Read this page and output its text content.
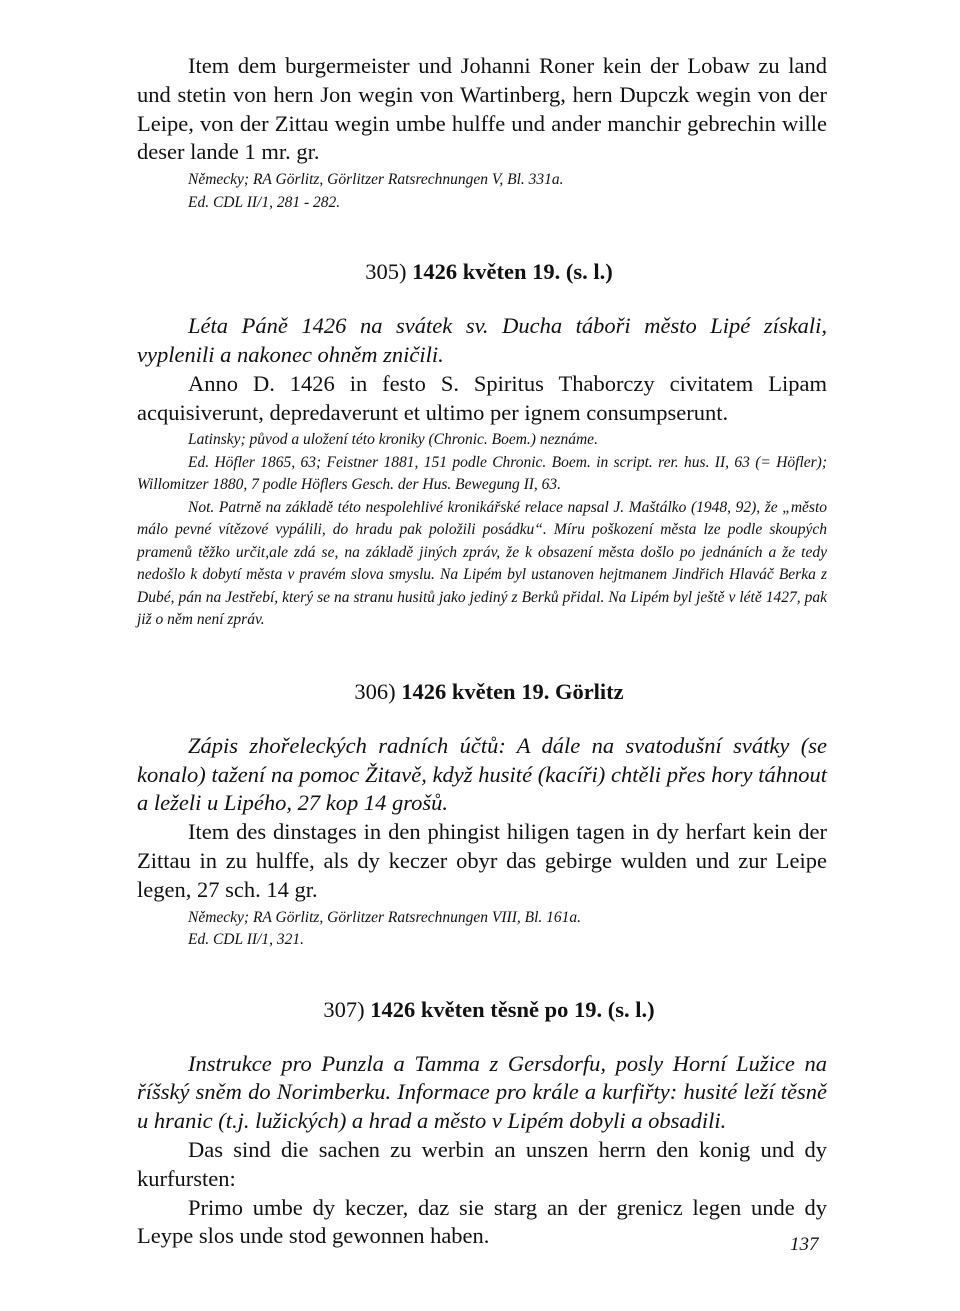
Item dem burgermeister und Johanni Roner kein der Lobaw zu land und stetin von hern Jon wegin von Wartinberg, hern Dupczk wegin von der Leipe, von der Zittau wegin umbe hulffe und ander manchir gebrechin wille deser lande 1 mr. gr.

Německy; RA Görlitz, Görlitzer Ratsrechnungen V, Bl. 331a.

Ed. CDL II/1, 281 - 282.

305) 1426 květen 19. (s. l.)

Léta Páně 1426 na svátek sv. Ducha táboři město Lipé získali, vyplenili a nakonec ohněm zničili.

Anno D. 1426 in festo S. Spiritus Thaborczy civitatem Lipam acquisiverunt, depredaverunt et ultimo per ignem consumpserunt.

Latinsky; původ a uložení této kroniky (Chronic. Boem.) neznáme.

Ed. Höfler 1865, 63; Feistner 1881, 151 podle Chronic. Boem. in script. rer. hus. II, 63 (= Höfler); Willomitzer 1880, 7 podle Höflers Gesch. der Hus. Bewegung II, 63.

Not. Patrně na základě této nespolehlivé kronikářské relace napsal J. Maštálko (1948, 92), že „město málo pevné vítězové vypálili, do hradu pak položili posádku“. Míru poškození města lze podle skoupých pramenů těžko určit,ale zdá se, na základě jiných zpráv, že k obsazení města došlo po jednáních a že tedy nedošlo k dobytí města v pravém slova smyslu. Na Lipém byl ustanoven hejtmanem Jindřich Hlaváč Berka z Dubé, pán na Jestřebí, který se na stranu husitů jako jediný z Berků přidal. Na Lipém byl ještě v létě 1427, pak již o něm není zpráv.

306) 1426 květen 19. Görlitz

Zápis zhořeleckých radních účtů: A dále na svatodušní svátky (se konalo) tažení na pomoc Žitavě, když husité (kacíři) chtěli přes hory táhnout a leželi u Lipého, 27 kop 14 grošů.

Item des dinstages in den phingist hiligen tagen in dy herfart kein der Zittau in zu hulffe, als dy keczer obyr das gebirge wulden und zur Leipe legen, 27 sch. 14 gr.

Německy; RA Görlitz, Görlitzer Ratsrechnungen VIII, Bl. 161a.

Ed. CDL II/1, 321.

307) 1426 květen těsně po 19. (s. l.)

Instrukce pro Punzla a Tamma z Gersdorfu, posly Horní Lužice na říšský sněm do Norimberku. Informace pro krále a kurfiřty: husité leží těsně u hranic (t.j. lužických) a hrad a město v Lipém dobyli a obsadili.

Das sind die sachen zu werbin an unszen herrn den konig und dy kurfursten:

Primo umbe dy keczer, daz sie starg an der grenicz legen unde dy Leype slos unde stod gewonnen haben.	137
